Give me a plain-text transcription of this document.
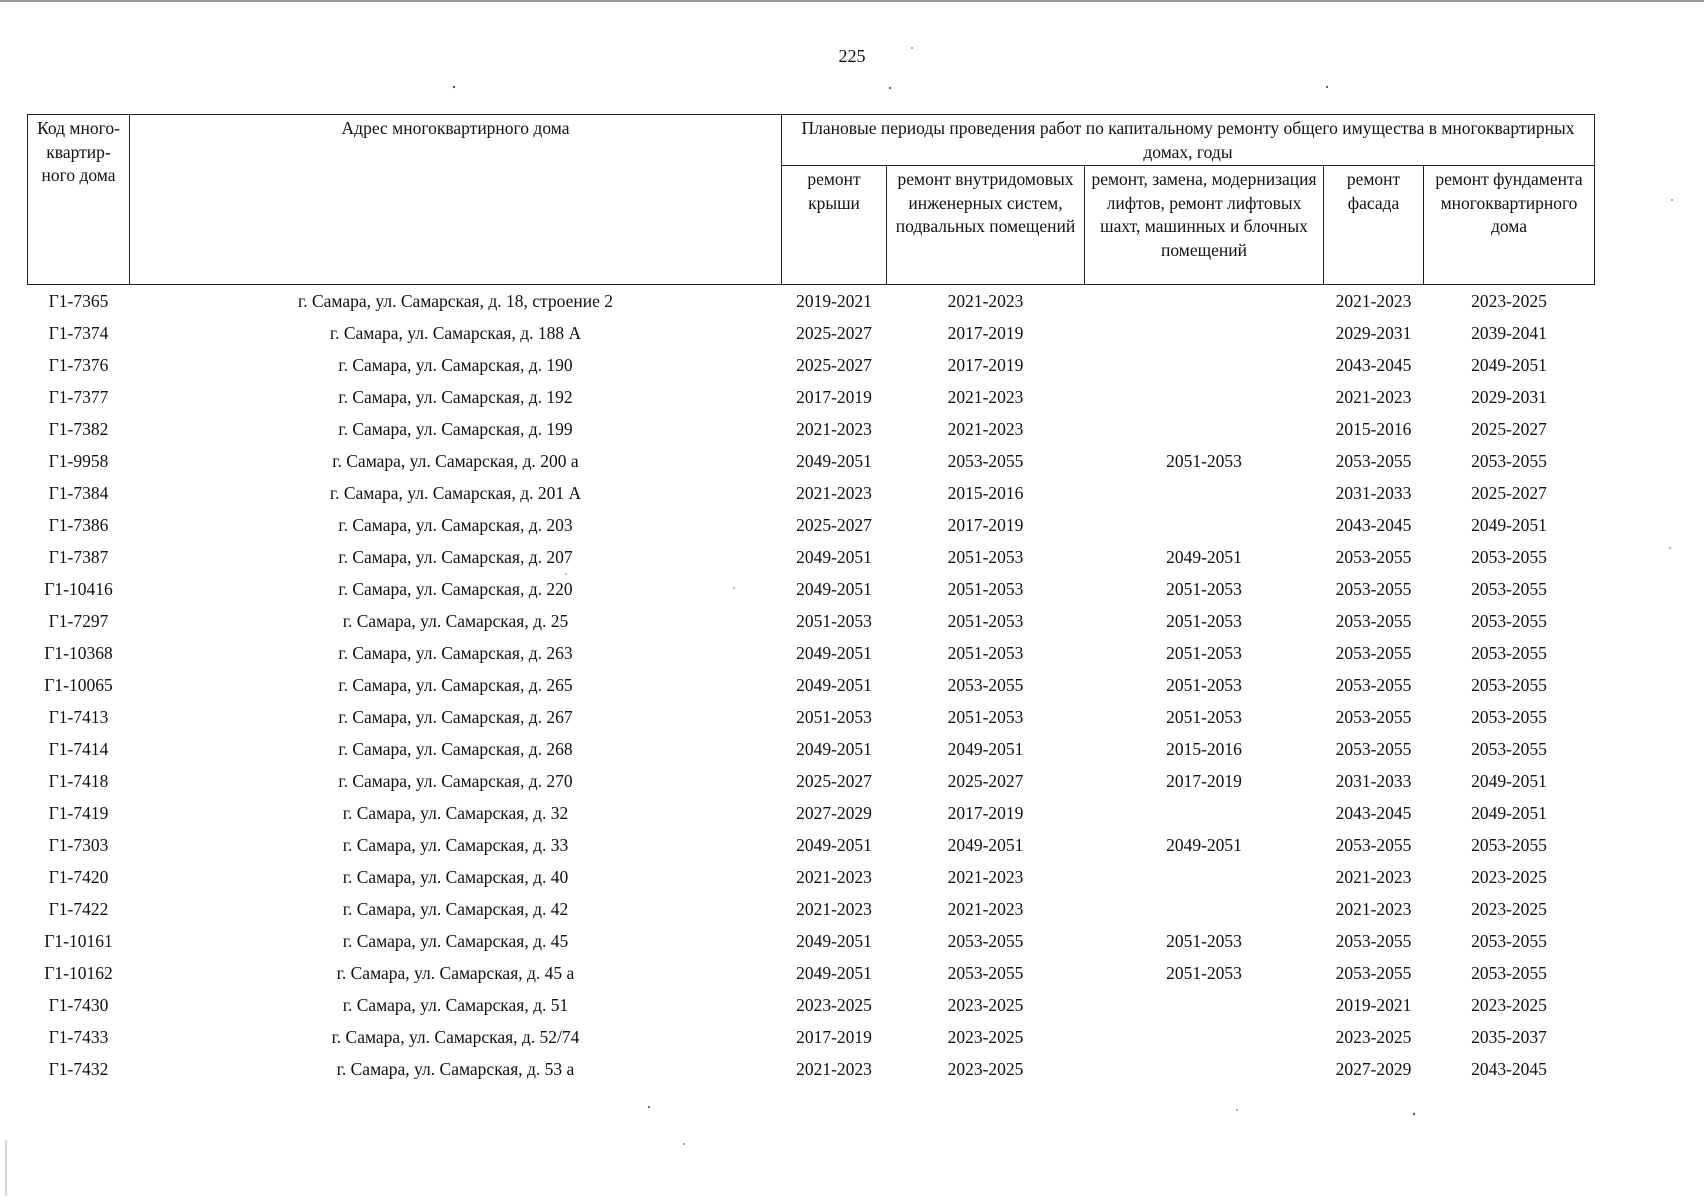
225
Код много-квартир-ного дома	Адрес многоквартирного дома	Плановые периоды проведения работ по капитальному ремонту общего имущества в многоквартирных домах, годы				
		ремонт крыши	ремонт внутридомовых инженерных систем, подвальных помещений	ремонт, замена, модернизация лифтов, ремонт лифтовых шахт, машинных и блочных помещений	ремонт фасада	ремонт фундамента многоквартирного дома
Г1-7365	г. Самара, ул. Самарская, д. 18, строение 2	2019-2021	2021-2023		2021-2023	2023-2025
Г1-7374	г. Самара, ул. Самарская, д. 188 А	2025-2027	2017-2019		2029-2031	2039-2041
Г1-7376	г. Самара, ул. Самарская, д. 190	2025-2027	2017-2019		2043-2045	2049-2051
Г1-7377	г. Самара, ул. Самарская, д. 192	2017-2019	2021-2023		2021-2023	2029-2031
Г1-7382	г. Самара, ул. Самарская, д. 199	2021-2023	2021-2023		2015-2016	2025-2027
Г1-9958	г. Самара, ул. Самарская, д. 200 а	2049-2051	2053-2055	2051-2053	2053-2055	2053-2055
Г1-7384	г. Самара, ул. Самарская, д. 201 А	2021-2023	2015-2016		2031-2033	2025-2027
Г1-7386	г. Самара, ул. Самарская, д. 203	2025-2027	2017-2019		2043-2045	2049-2051
Г1-7387	г. Самара, ул. Самарская, д. 207	2049-2051	2051-2053	2049-2051	2053-2055	2053-2055
Г1-10416	г. Самара, ул. Самарская, д. 220	2049-2051	2051-2053	2051-2053	2053-2055	2053-2055
Г1-7297	г. Самара, ул. Самарская, д. 25	2051-2053	2051-2053	2051-2053	2053-2055	2053-2055
Г1-10368	г. Самара, ул. Самарская, д. 263	2049-2051	2051-2053	2051-2053	2053-2055	2053-2055
Г1-10065	г. Самара, ул. Самарская, д. 265	2049-2051	2053-2055	2051-2053	2053-2055	2053-2055
Г1-7413	г. Самара, ул. Самарская, д. 267	2051-2053	2051-2053	2051-2053	2053-2055	2053-2055
Г1-7414	г. Самара, ул. Самарская, д. 268	2049-2051	2049-2051	2015-2016	2053-2055	2053-2055
Г1-7418	г. Самара, ул. Самарская, д. 270	2025-2027	2025-2027	2017-2019	2031-2033	2049-2051
Г1-7419	г. Самара, ул. Самарская, д. 32	2027-2029	2017-2019		2043-2045	2049-2051
Г1-7303	г. Самара, ул. Самарская, д. 33	2049-2051	2049-2051	2049-2051	2053-2055	2053-2055
Г1-7420	г. Самара, ул. Самарская, д. 40	2021-2023	2021-2023		2021-2023	2023-2025
Г1-7422	г. Самара, ул. Самарская, д. 42	2021-2023	2021-2023		2021-2023	2023-2025
Г1-10161	г. Самара, ул. Самарская, д. 45	2049-2051	2053-2055	2051-2053	2053-2055	2053-2055
Г1-10162	г. Самара, ул. Самарская, д. 45 а	2049-2051	2053-2055	2051-2053	2053-2055	2053-2055
Г1-7430	г. Самара, ул. Самарская, д. 51	2023-2025	2023-2025		2019-2021	2023-2025
Г1-7433	г. Самара, ул. Самарская, д. 52/74	2017-2019	2023-2025		2023-2025	2035-2037
Г1-7432	г. Самара, ул. Самарская, д. 53 а	2021-2023	2023-2025		2027-2029	2043-2045
